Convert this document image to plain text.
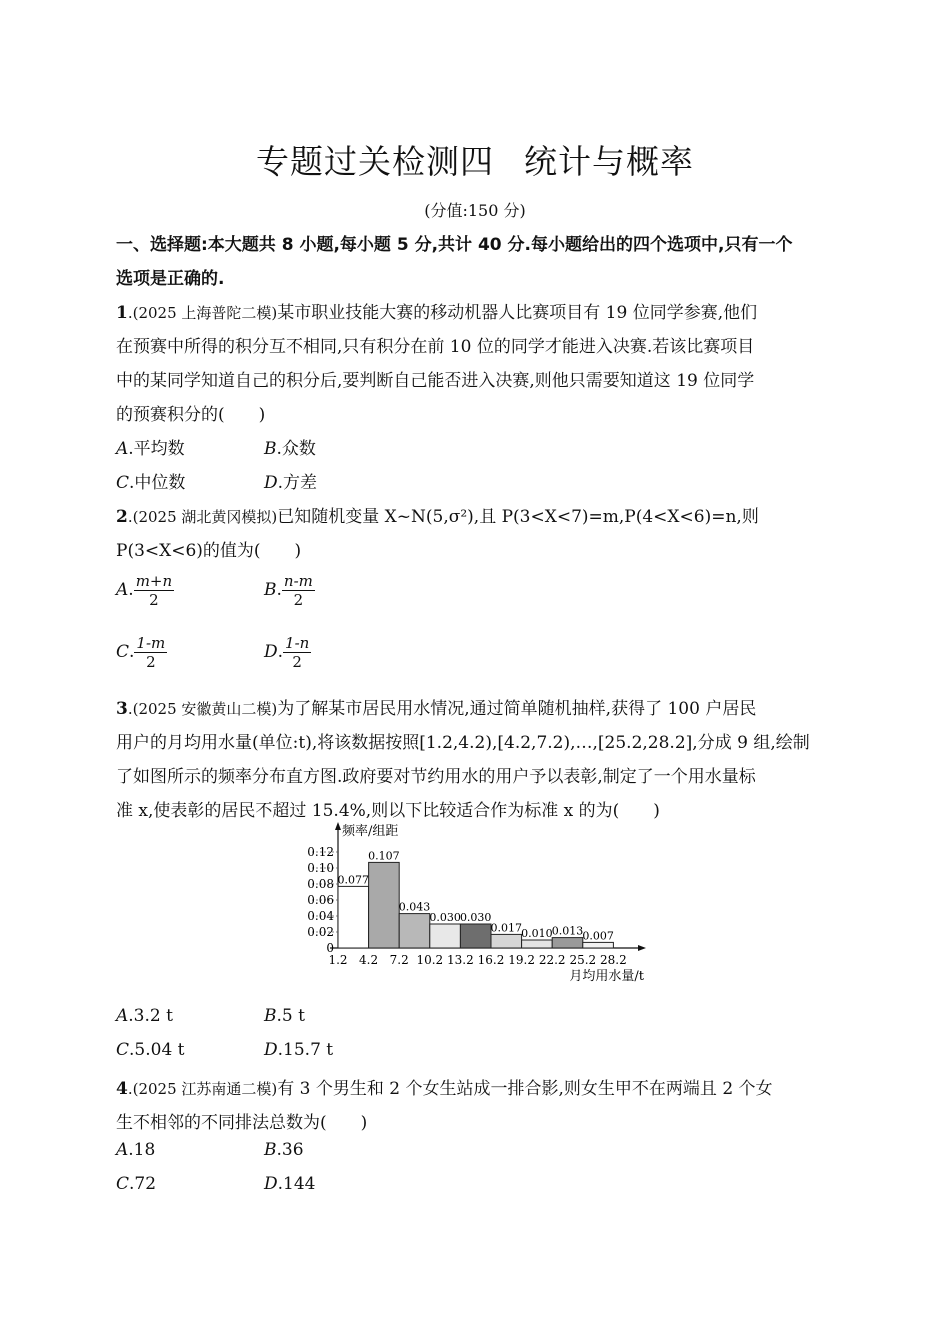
专题过关检测四 统计与概率
(分值:150 分)
一、选择题:本大题共 8 小题,每小题 5 分,共计 40 分.每小题给出的四个选项中,只有一个
选项是正确的.
1.(2025 上海普陀二模)某市职业技能大赛的移动机器人比赛项目有 19 位同学参赛,他们
在预赛中所得的积分互不相同,只有积分在前 10 位的同学才能进入决赛.若该比赛项目
中的某同学知道自己的积分后,要判断自己能否进入决赛,则他只需要知道这 19 位同学
的预赛积分的(　　)
A.平均数	B.众数
C.中位数	D.方差
2.(2025 湖北黄冈模拟)已知随机变量 X~N(5,σ²),且 P(3<X<7)=m,P(4<X<6)=n,则
P(3<X<6)的值为(　　)
A. $\frac{m+n}{2}$	B. $\frac{n-m}{2}$
C. $\frac{1-m}{2}$	D. $\frac{1-n}{2}$
3.(2025 安徽黄山二模)为了解某市居民用水情况,通过简单随机抽样,获得了 100 户居民
用户的月均用水量(单位:t),将该数据按照[1.2,4.2),[4.2,7.2),…,[25.2,28.2],分成 9 组,绘制
了如图所示的频率分布直方图.政府要对节约用水的用户予以表彰,制定了一个用水量标
准 x,使表彰的居民不超过 15.4%,则以下比较适合作为标准 x 的为(　　)
频率/组距
月均用水量/t
0.077
0.107
0.043
0.030 0.030
0.017 0.010 0.013 0.007
0
0.02
0.04
0.06
0.08
0.10
0.12
1.2 4.2 7.2 10.2 13.2 16.2 19.2 22.2 25.2 28.2
A.3.2 t	B.5 t
C.5.04 t	D.15.7 t
4.(2025 江苏南通二模)有 3 个男生和 2 个女生站成一排合影,则女生甲不在两端且 2 个女
生不相邻的不同排法总数为(　　)
A.18	B.36
C.72	D.144
